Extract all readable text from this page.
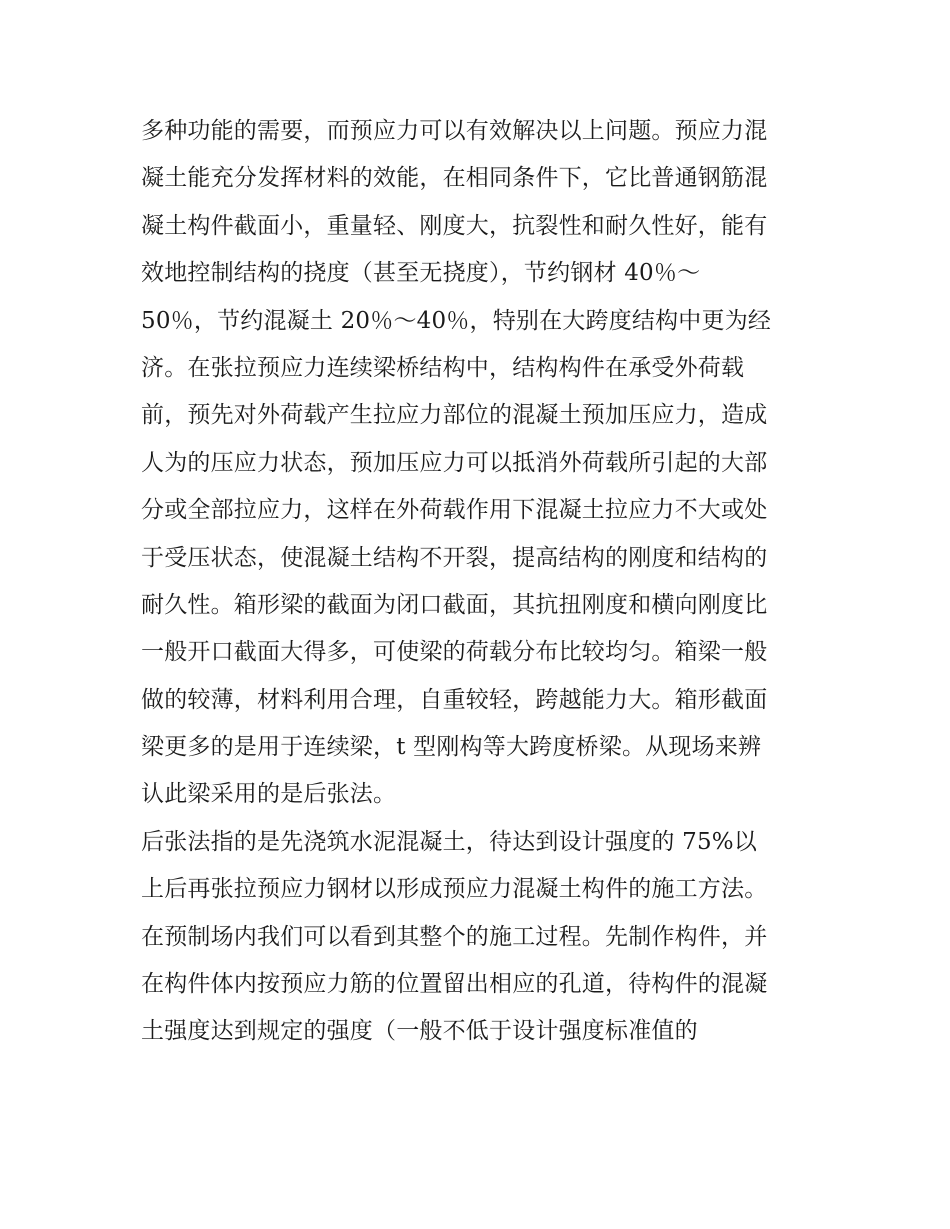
多种功能的需要，而预应力可以有效解决以上问题。预应力混
凝土能充分发挥材料的效能，在相同条件下，它比普通钢筋混
凝土构件截面小，重量轻、刚度大，抗裂性和耐久性好，能有
效地控制结构的挠度（甚至无挠度），节约钢材 40％～
50％，节约混凝土 20％～40％，特别在大跨度结构中更为经
济。在张拉预应力连续梁桥结构中，结构构件在承受外荷载
前，预先对外荷载产生拉应力部位的混凝土预加压应力，造成
人为的压应力状态，预加压应力可以抵消外荷载所引起的大部
分或全部拉应力，这样在外荷载作用下混凝土拉应力不大或处
于受压状态，使混凝土结构不开裂，提高结构的刚度和结构的
耐久性。箱形梁的截面为闭口截面，其抗扭刚度和横向刚度比
一般开口截面大得多，可使梁的荷载分布比较均匀。箱梁一般
做的较薄，材料利用合理，自重较轻，跨越能力大。箱形截面
梁更多的是用于连续梁，t 型刚构等大跨度桥梁。从现场来辨
认此梁采用的是后张法。
后张法指的是先浇筑水泥混凝土，待达到设计强度的 75%以
上后再张拉预应力钢材以形成预应力混凝土构件的施工方法。
在预制场内我们可以看到其整个的施工过程。先制作构件，并
在构件体内按预应力筋的位置留出相应的孔道，待构件的混凝
土强度达到规定的强度（一般不低于设计强度标准值的
